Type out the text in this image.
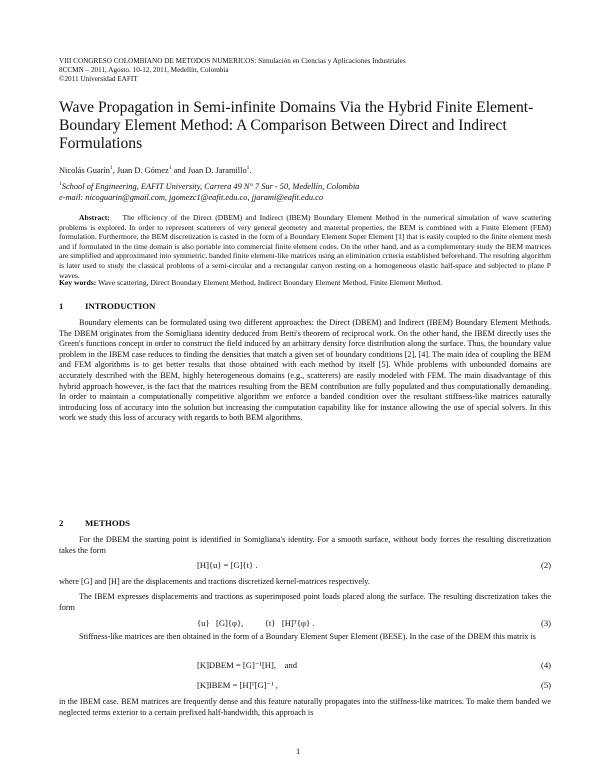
VIII CONGRESO COLOMBIANO DE METODOS NUMERICOS: Simulación en Ciencias y Aplicaciones Industriales
8CCMN – 2011, Agosto. 10-12, 2011, Medellín, Colombia
©2011 Universidad EAFIT
Wave Propagation in Semi-infinite Domains Via the Hybrid Finite Element-Boundary Element Method: A Comparison Between Direct and Indirect Formulations
Nicolás Guarín$^1$, Juan D. Gómez$^1$ and Juan D. Jaramillo$^1$.
$^1$School of Engineering, EAFIT University, Carrera 49 N° 7 Sur - 50, Medellín, Colombia
e-mail: nicoguarin@gmail.com, jgomezc1@eafit.edu.co, jjarami@eafit.edu.co
Abstract: The efficiency of the Direct (DBEM) and Indirect (IBEM) Boundary Element Method in the numerical simulation of wave scattering problems is explored. In order to represent scatterers of very general geometry and material properties, the BEM is combined with a Finite Element (FEM) formulation. Furthermore, the BEM discretization is casted in the form of a Boundary Element Super Element [1] that is easily coupled to the finite element mesh and if formulated in the time domain is also portable into commercial finite element codes. On the other hand, and as a complementary study the BEM matrices are simplified and approximated into symmetric, banded finite element-like matrices using an elimination criteria established beforehand. The resulting algorithm is later used to study the classical problems of a semi-circular and a rectangular canyon resting on a homogeneous elastic half-space and subjected to plane P waves.
Key words: Wave scattering, Direct Boundary Element Method, Indirect Boundary Element Method, Finite Element Method.
1 INTRODUCTION
Boundary elements can be formulated using two different approaches: the Direct (DBEM) and Indirect (IBEM) Boundary Element Methods. The DBEM originates from the Somigliana identity deduced from Betti's theorem of reciprocal work. On the other hand, the IBEM directly uses the Green's functions concept in order to construct the field induced by an arbitrary density force distribution along the surface. Thus, the boundary value problem in the IBEM case reduces to finding the densities that match a given set of boundary conditions [2], [4]. The main idea of coupling the BEM and FEM algorithms is to get better results that those obtained with each method by itself [5]. While problems with unbounded domains are accurately described with the BEM, highly heterogeneous domains (e.g., scatterers) are easily modeled with FEM. The main disadvantage of this hybrid approach however, is the fact that the matrices resulting from the BEM contribution are fully populated and thus computationally demanding. In order to maintain a computationally competitive algorithm we enforce a banded condition over the resultant stiffness-like matrices naturally introducing loss of accuracy into the solution but increasing the computation capability like for instance allowing the use of special solvers. In this work we study this loss of accuracy with regards to both BEM algorithms.
2 METHODS
For the DBEM the starting point is identified in Somigliana's identity. For a smooth surface, without body forces the resulting discretization takes the form
[H]{u} = [G]{t} .	(2)
where [G] and [H] are the displacements and tractions discretized kernel-matrices respectively.
The IBEM expresses displacements and tractions as superimposed point loads placed along the surface. The resulting discretization takes the form
{u}   [G]{φ},          {t}   [H]ᵀ{φ} .	(3)
Stiffness-like matrices are then obtained in the form of a Boundary Element Super Element (BESE). In the case of the DBEM this matrix is
[K]DBEM = [G]⁻¹[H],    and	(4)
[K]IBEM = [H]ᵀ[G]⁻¹ ,	(5)
in the IBEM case. BEM matrices are frequently dense and this feature naturally propagates into the stiffness-like matrices. To make them banded we neglected terms exterior to a certain prefixed half-bandwidth, this approach is
1
